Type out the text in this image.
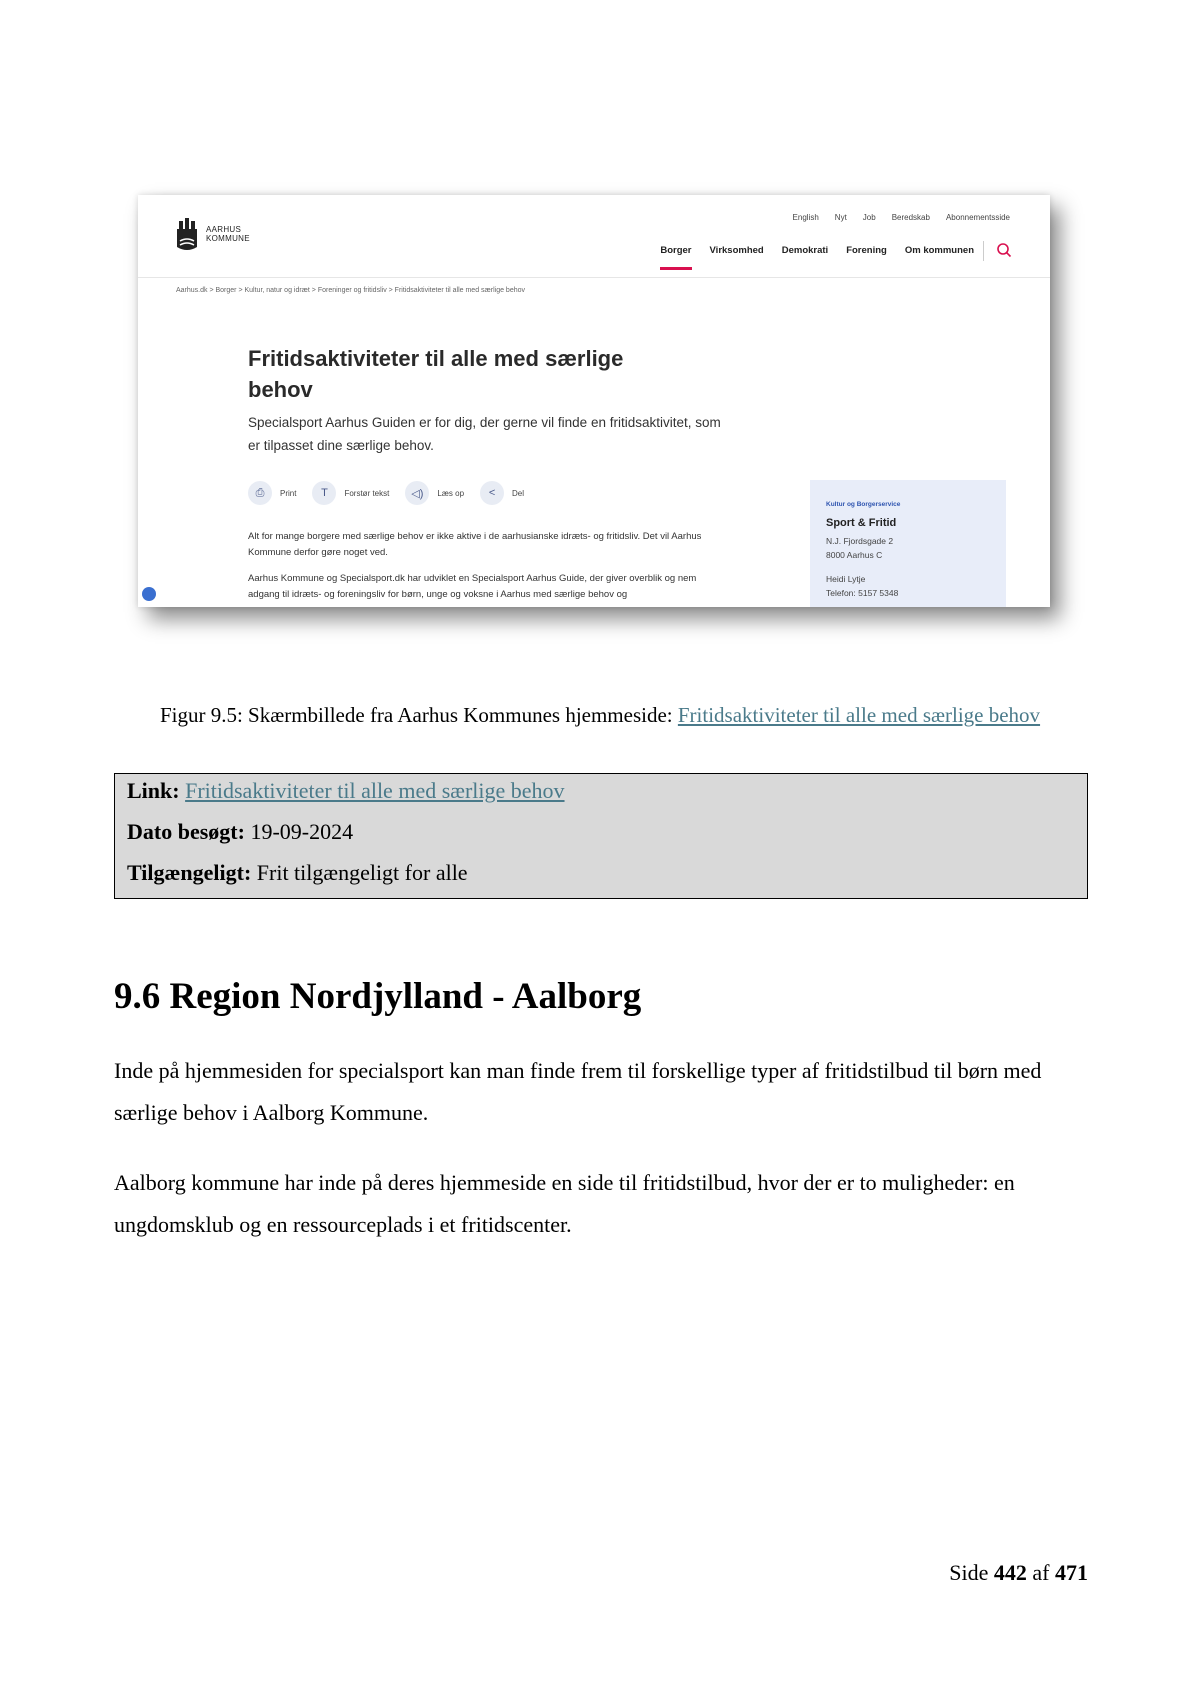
AARHUS
KOMMUNE
English Nyt Job Beredskab Abonnementsside
Borger Virksomhed Demokrati Forening Om kommunen
Aarhus.dk > Borger > Kultur, natur og idræt > Foreninger og fritidsliv > Fritidsaktiviteter til alle med særlige behov
Fritidsaktiviteter til alle med særlige behov
Specialsport Aarhus Guiden er for dig, der gerne vil finde en fritidsaktivitet, som er tilpasset dine særlige behov.
⎙	Print	T	Forstør tekst	◁)	Læs op	<	Del
Alt for mange borgere med særlige behov er ikke aktive i de aarhusianske idræts- og fritidsliv. Det vil Aarhus Kommune derfor gøre noget ved.
Aarhus Kommune og Specialsport.dk har udviklet en Specialsport Aarhus Guide, der giver overblik og nem adgang til idræts- og foreningsliv for børn, unge og voksne i Aarhus med særlige behov og
Kultur og Borgerservice
Sport & Fritid
N.J. Fjordsgade 2
8000 Aarhus C
Heidi Lytje
Telefon: 5157 5348
Figur 9.5: Skærmbillede fra Aarhus Kommunes hjemmeside: Fritidsaktiviteter til alle med særlige behov
Link: Fritidsaktiviteter til alle med særlige behov
Dato besøgt: 19-09-2024
Tilgængeligt: Frit tilgængeligt for alle
9.6 Region Nordjylland - Aalborg

Inde på hjemmesiden for specialsport kan man finde frem til forskellige typer af fritidstilbud til børn med særlige behov i Aalborg Kommune.

Aalborg kommune har inde på deres hjemmeside en side til fritidstilbud, hvor der er to muligheder: en ungdomsklub og en ressourceplads i et fritidscenter.

Side 442 af 471
